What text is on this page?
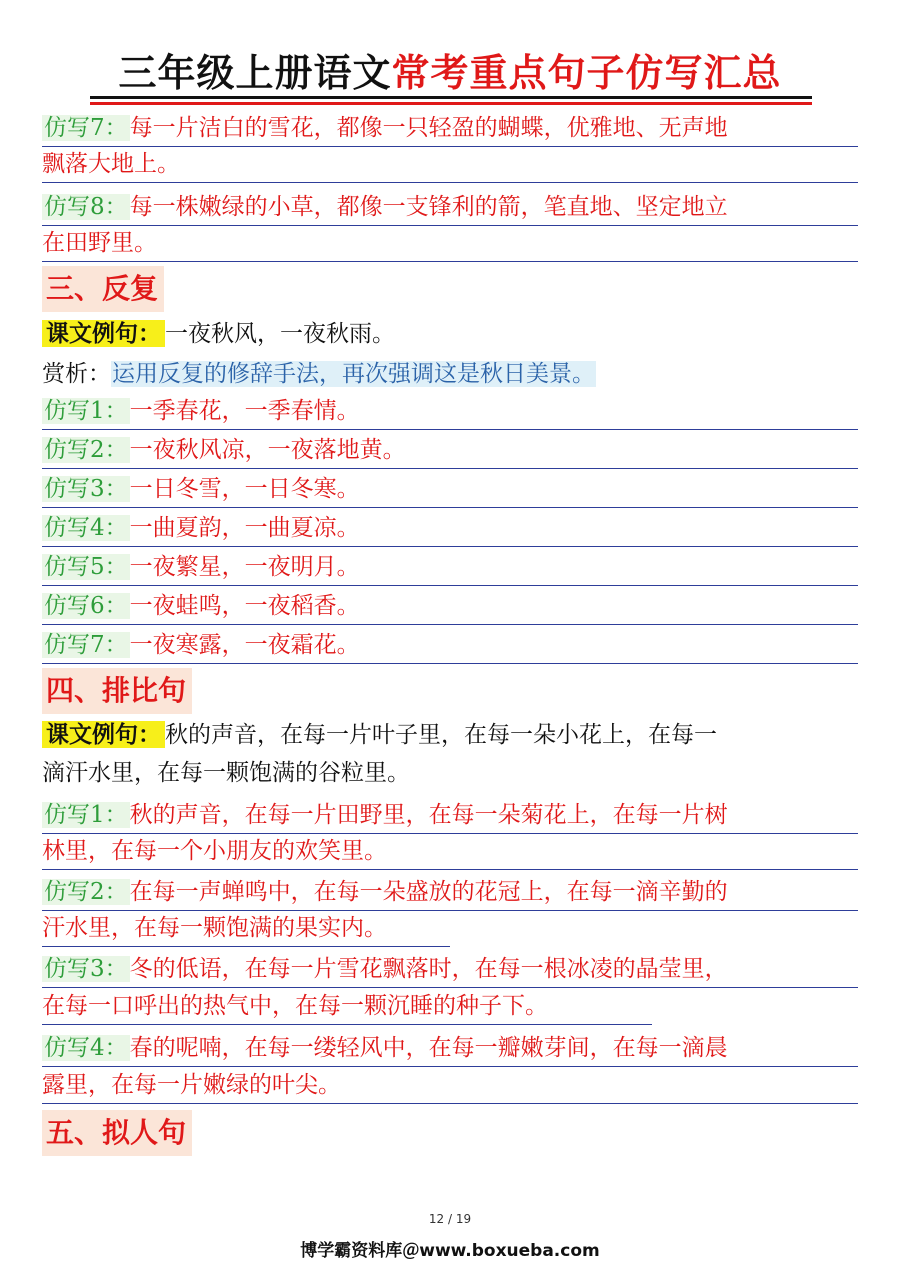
三年级上册语文常考重点句子仿写汇总
仿写7：每一片洁白的雪花，都像一只轻盈的蝴蝶，优雅地、无声地
飘落大地上。
仿写8：每一株嫩绿的小草，都像一支锋利的箭，笔直地、坚定地立
在田野里。
三、反复
课文例句： 一夜秋风，一夜秋雨。
赏析：运用反复的修辞手法，再次强调这是秋日美景。
仿写1：一季春花，一季春情。
仿写2：一夜秋风凉，一夜落地黄。
仿写3：一日冬雪，一日冬寒。
仿写4：一曲夏韵，一曲夏凉。
仿写5：一夜繁星，一夜明月。
仿写6：一夜蛙鸣，一夜稻香。
仿写7：一夜寒露，一夜霜花。
四、排比句
课文例句： 秋的声音，在每一片叶子里，在每一朵小花上，在每一
滴汗水里，在每一颗饱满的谷粒里。
仿写1：秋的声音，在每一片田野里，在每一朵菊花上，在每一片树
林里，在每一个小朋友的欢笑里。
仿写2：在每一声蝉鸣中，在每一朵盛放的花冠上，在每一滴辛勤的
汗水里，在每一颗饱满的果实内。
仿写3：冬的低语，在每一片雪花飘落时，在每一根冰凌的晶莹里，
在每一口呼出的热气中，在每一颗沉睡的种子下。
仿写4：春的呢喃，在每一缕轻风中，在每一瓣嫩芽间，在每一滴晨
露里，在每一片嫩绿的叶尖。
五、拟人句
12 / 19
博学霸资料库＠www.boxueba.com
